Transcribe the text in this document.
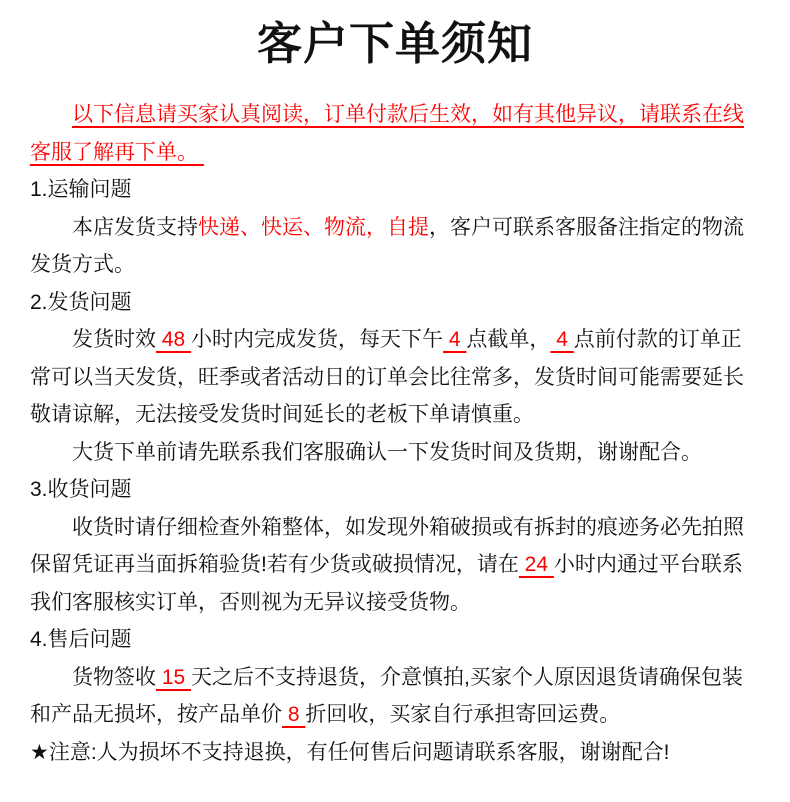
客户下单须知

以下信息请买家认真阅读，订单付款后生效，如有其他异议，请联系在线客服了解再下单。

1.运输问题

本店发货支持快递、快运、物流，自提，客户可联系客服备注指定的物流发货方式。

2.发货问题

发货时效 48 小时内完成发货，每天下午 4 点截单， 4 点前付款的订单正常可以当天发货，旺季或者活动日的订单会比往常多，发货时间可能需要延长敬请谅解，无法接受发货时间延长的老板下单请慎重。

大货下单前请先联系我们客服确认一下发货时间及货期，谢谢配合。

3.收货问题

收货时请仔细检查外箱整体，如发现外箱破损或有拆封的痕迹务必先拍照保留凭证再当面拆箱验货!若有少货或破损情况，请在 24 小时内通过平台联系我们客服核实订单，否则视为无异议接受货物。

4.售后问题

货物签收 15 天之后不支持退货，介意慎拍,买家个人原因退货请确保包装和产品无损坏，按产品单价 8 折回收，买家自行承担寄回运费。

★注意:人为损坏不支持退换，有任何售后问题请联系客服，谢谢配合!
